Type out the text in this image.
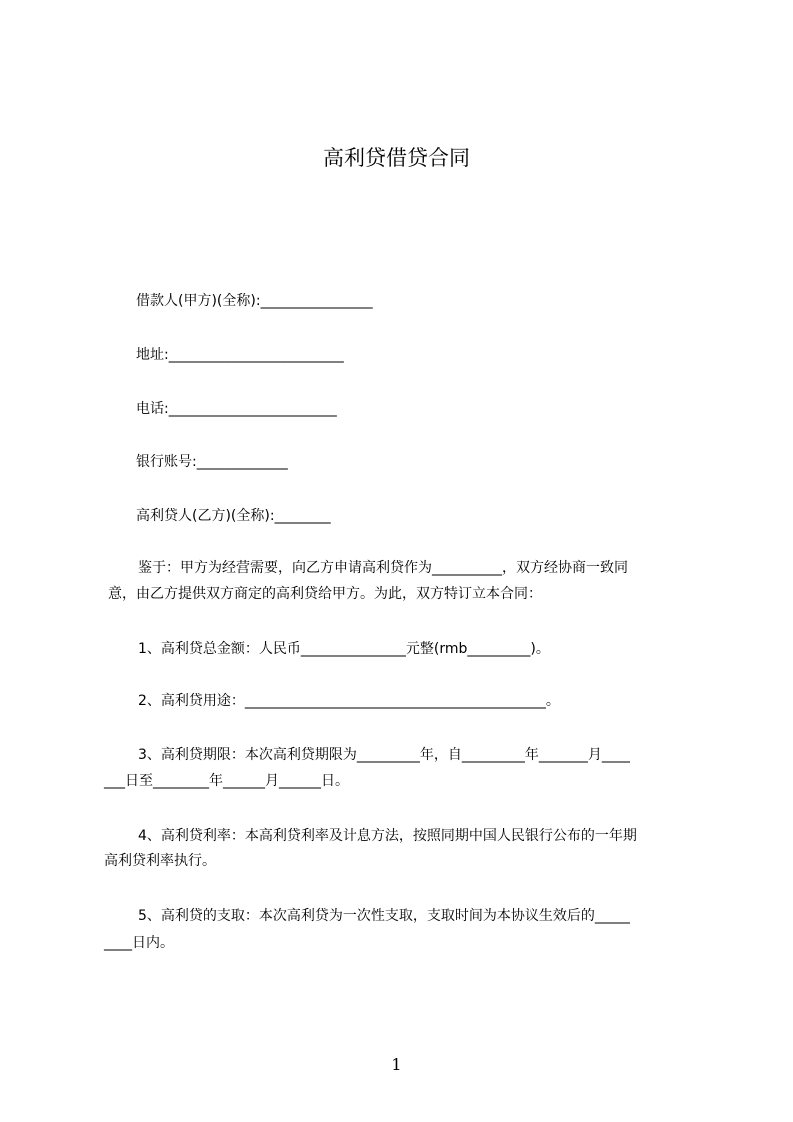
高利贷借贷合同
借款人(甲方)(全称):________________
地址:_________________________
电话:________________________
银行账号:_____________
高利贷人(乙方)(全称):________
鉴于：甲方为经营需要，向乙方申请高利贷作为__________，双方经协商一致同
意，由乙方提供双方商定的高利贷给甲方。为此，双方特订立本合同：
1、高利贷总金额：人民币_______________元整(rmb_________)。
2、高利贷用途：___________________________________________。
3、高利贷期限：本次高利贷期限为_________年，自_________年_______月____
___日至________年______月______日。
4、高利贷利率：本高利贷利率及计息方法，按照同期中国人民银行公布的一年期
高利贷利率执行。
5、高利贷的支取：本次高利贷为一次性支取，支取时间为本协议生效后的_____
____日内。
1
